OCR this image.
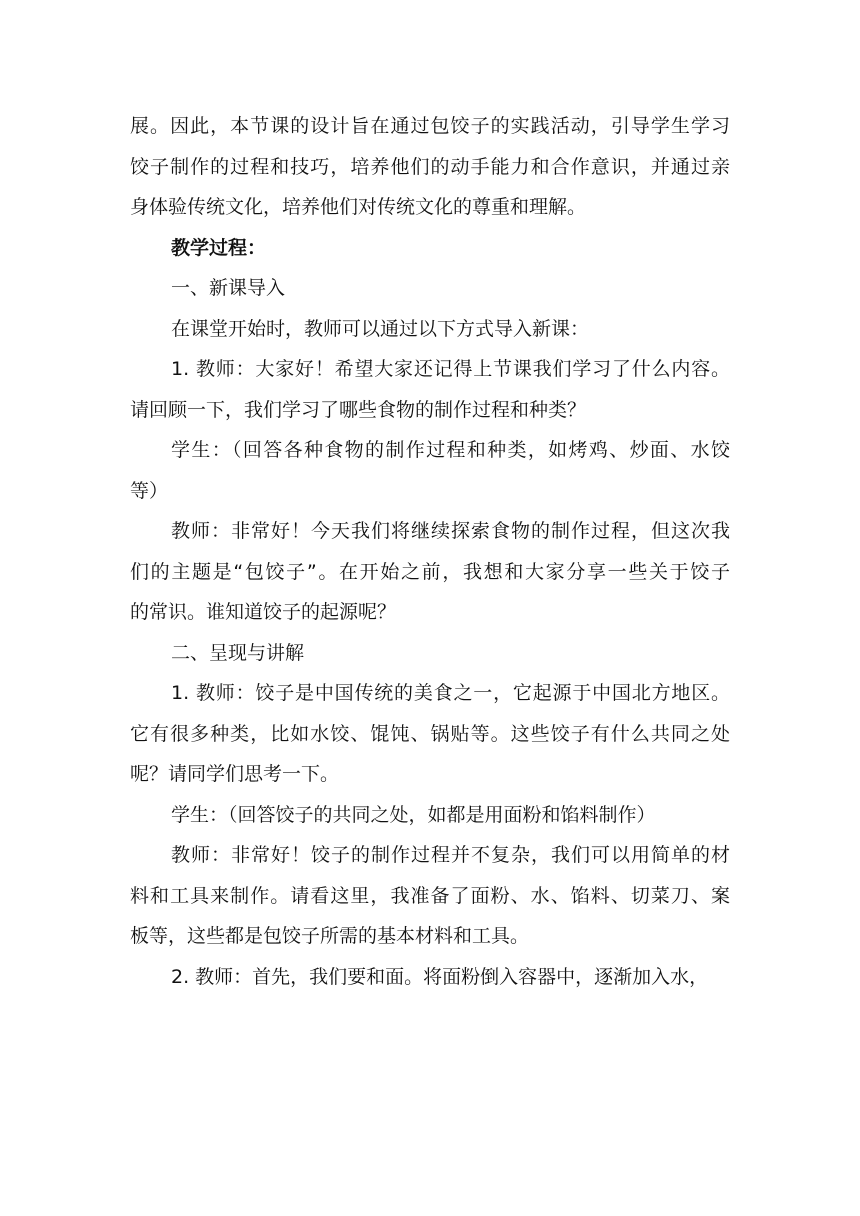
展。因此，本节课的设计旨在通过包饺子的实践活动，引导学生学习
饺子制作的过程和技巧，培养他们的动手能力和合作意识，并通过亲
身体验传统文化，培养他们对传统文化的尊重和理解。
教学过程：
一、新课导入
在课堂开始时，教师可以通过以下方式导入新课：
1. 教师：大家好！希望大家还记得上节课我们学习了什么内容。
请回顾一下，我们学习了哪些食物的制作过程和种类？
学生：（回答各种食物的制作过程和种类，如烤鸡、炒面、水饺
等）
教师：非常好！今天我们将继续探索食物的制作过程，但这次我
们的主题是“包饺子”。在开始之前，我想和大家分享一些关于饺子
的常识。谁知道饺子的起源呢？
二、呈现与讲解
1. 教师：饺子是中国传统的美食之一，它起源于中国北方地区。
它有很多种类，比如水饺、馄饨、锅贴等。这些饺子有什么共同之处
呢？请同学们思考一下。
学生：（回答饺子的共同之处，如都是用面粉和馅料制作）
教师：非常好！饺子的制作过程并不复杂，我们可以用简单的材
料和工具来制作。请看这里，我准备了面粉、水、馅料、切菜刀、案
板等，这些都是包饺子所需的基本材料和工具。
2. 教师：首先，我们要和面。将面粉倒入容器中，逐渐加入水，
